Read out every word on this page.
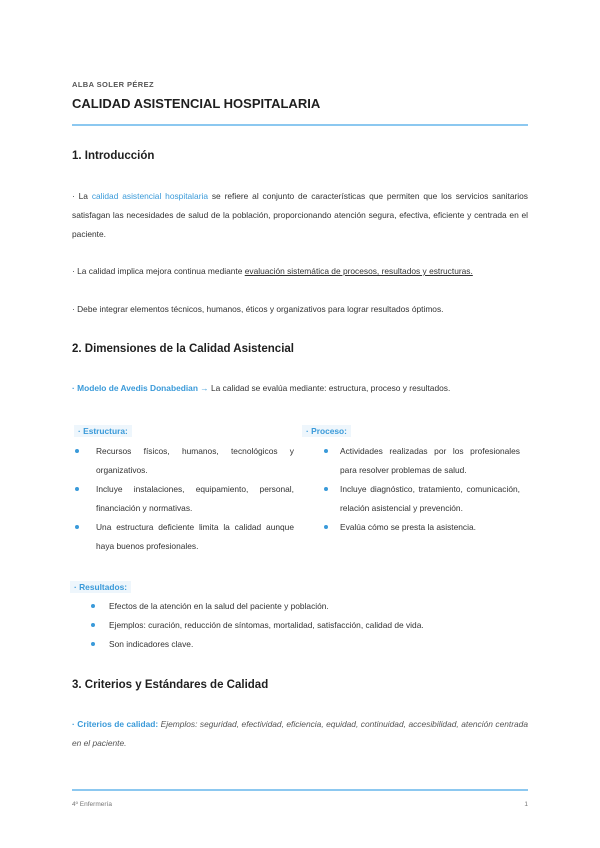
ALBA SOLER PÉREZ
CALIDAD ASISTENCIAL HOSPITALARIA
1. Introducción
· La calidad asistencial hospitalaria se refiere al conjunto de características que permiten que los servicios sanitarios satisfagan las necesidades de salud de la población, proporcionando atención segura, efectiva, eficiente y centrada en el paciente.
· La calidad implica mejora continua mediante evaluación sistemática de procesos, resultados y estructuras.
· Debe integrar elementos técnicos, humanos, éticos y organizativos para lograr resultados óptimos.
2. Dimensiones de la Calidad Asistencial
· Modelo de Avedis Donabedian → La calidad se evalúa mediante: estructura, proceso y resultados.
· Estructura:
Recursos físicos, humanos, tecnológicos y organizativos.
Incluye instalaciones, equipamiento, personal, financiación y normativas.
Una estructura deficiente limita la calidad aunque haya buenos profesionales.
· Proceso:
Actividades realizadas por los profesionales para resolver problemas de salud.
Incluye diagnóstico, tratamiento, comunicación, relación asistencial y prevención.
Evalúa cómo se presta la asistencia.
· Resultados:
Efectos de la atención en la salud del paciente y población.
Ejemplos: curación, reducción de síntomas, mortalidad, satisfacción, calidad de vida.
Son indicadores clave.
3. Criterios y Estándares de Calidad
· Criterios de calidad: Ejemplos: seguridad, efectividad, eficiencia, equidad, continuidad, accesibilidad, atención centrada en el paciente.
4º Enfermería	1
